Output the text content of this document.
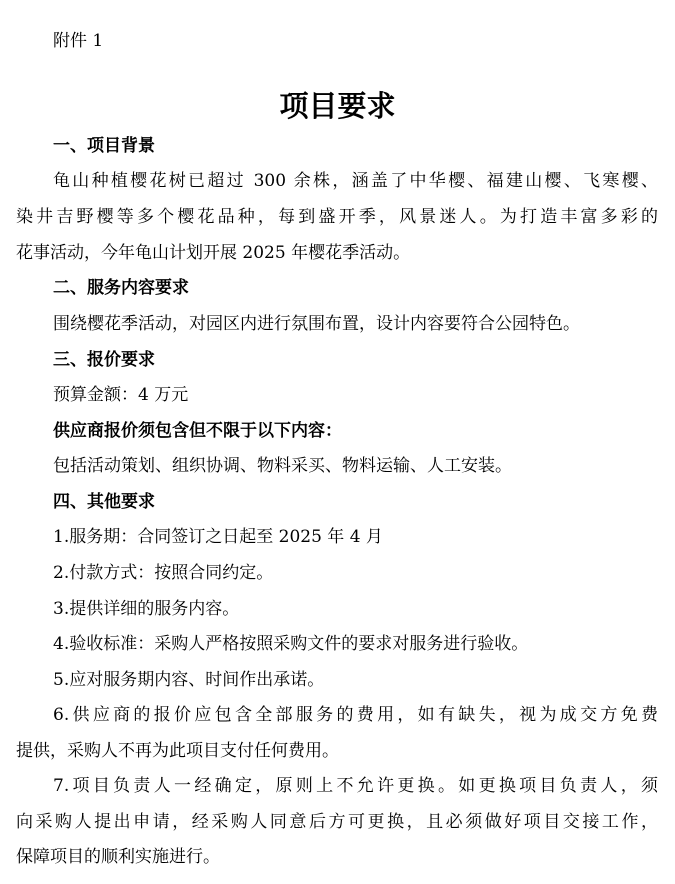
附件 1
项目要求
一、项目背景
龟山种植樱花树已超过 300 余株，涵盖了中华樱、福建山樱、飞寒樱、
染井吉野樱等多个樱花品种，每到盛开季，风景迷人。为打造丰富多彩的
花事活动，今年龟山计划开展 2025 年樱花季活动。
二、服务内容要求
围绕樱花季活动，对园区内进行氛围布置，设计内容要符合公园特色。
三、报价要求
预算金额：4 万元
供应商报价须包含但不限于以下内容：
包括活动策划、组织协调、物料采买、物料运输、人工安装。
四、其他要求
1.服务期：合同签订之日起至 2025 年 4 月
2.付款方式：按照合同约定。
3.提供详细的服务内容。
4.验收标准：采购人严格按照采购文件的要求对服务进行验收。
5.应对服务期内容、时间作出承诺。
6.供应商的报价应包含全部服务的费用，如有缺失，视为成交方免费
提供，采购人不再为此项目支付任何费用。
7.项目负责人一经确定，原则上不允许更换。如更换项目负责人，须
向采购人提出申请，经采购人同意后方可更换，且必须做好项目交接工作，
保障项目的顺利实施进行。
